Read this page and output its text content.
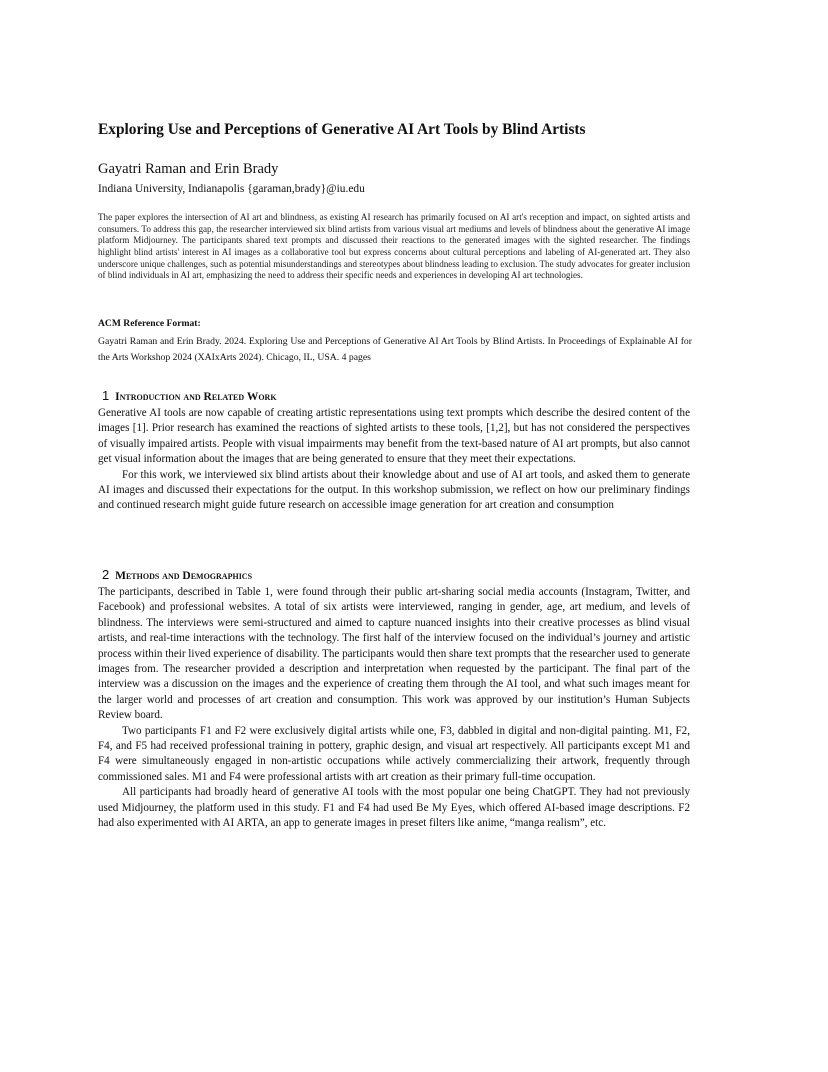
Exploring Use and Perceptions of Generative AI Art Tools by Blind Artists
Gayatri Raman and Erin Brady
Indiana University, Indianapolis {garaman,brady}@iu.edu

The paper explores the intersection of AI art and blindness, as existing AI research has primarily focused on AI art's reception and impact, on sighted artists and consumers. To address this gap, the researcher interviewed six blind artists from various visual art mediums and levels of blindness about the generative AI image platform Midjourney. The participants shared text prompts and discussed their reactions to the generated images with the sighted researcher. The findings highlight blind artists' interest in AI images as a collaborative tool but express concerns about cultural perceptions and labeling of AI-generated art. They also underscore unique challenges, such as potential misunderstandings and stereotypes about blindness leading to exclusion. The study advocates for greater inclusion of blind individuals in AI art, emphasizing the need to address their specific needs and experiences in developing AI art technologies.

ACM Reference Format:

Gayatri Raman and Erin Brady. 2024. Exploring Use and Perceptions of Generative AI Art Tools by Blind Artists. In Proceedings of Explainable AI for the Arts Workshop 2024 (XAIxArts 2024). Chicago, IL, USA. 4 pages

1 Introduction and Related Work

Generative AI tools are now capable of creating artistic representations using text prompts which describe the desired content of the images [1]. Prior research has examined the reactions of sighted artists to these tools, [1,2], but has not considered the perspectives of visually impaired artists. People with visual impairments may benefit from the text-based nature of AI art prompts, but also cannot get visual information about the images that are being generated to ensure that they meet their expectations.

For this work, we interviewed six blind artists about their knowledge about and use of AI art tools, and asked them to generate AI images and discussed their expectations for the output. In this workshop submission, we reflect on how our preliminary findings and continued research might guide future research on accessible image generation for art creation and consumption

2 Methods and Demographics

The participants, described in Table 1, were found through their public art-sharing social media accounts (Instagram, Twitter, and Facebook) and professional websites. A total of six artists were interviewed, ranging in gender, age, art medium, and levels of blindness. The interviews were semi-structured and aimed to capture nuanced insights into their creative processes as blind visual artists, and real-time interactions with the technology. The first half of the interview focused on the individual’s journey and artistic process within their lived experience of disability. The participants would then share text prompts that the researcher used to generate images from. The researcher provided a description and interpretation when requested by the participant. The final part of the interview was a discussion on the images and the experience of creating them through the AI tool, and what such images meant for the larger world and processes of art creation and consumption. This work was approved by our institution’s Human Subjects Review board.

Two participants F1 and F2 were exclusively digital artists while one, F3, dabbled in digital and non-digital painting. M1, F2, F4, and F5 had received professional training in pottery, graphic design, and visual art respectively. All participants except M1 and F4 were simultaneously engaged in non-artistic occupations while actively commercializing their artwork, frequently through commissioned sales. M1 and F4 were professional artists with art creation as their primary full-time occupation.

All participants had broadly heard of generative AI tools with the most popular one being ChatGPT. They had not previously used Midjourney, the platform used in this study. F1 and F4 had used Be My Eyes, which offered AI-based image descriptions. F2 had also experimented with AI ARTA, an app to generate images in preset filters like anime, “manga realism”, etc.
